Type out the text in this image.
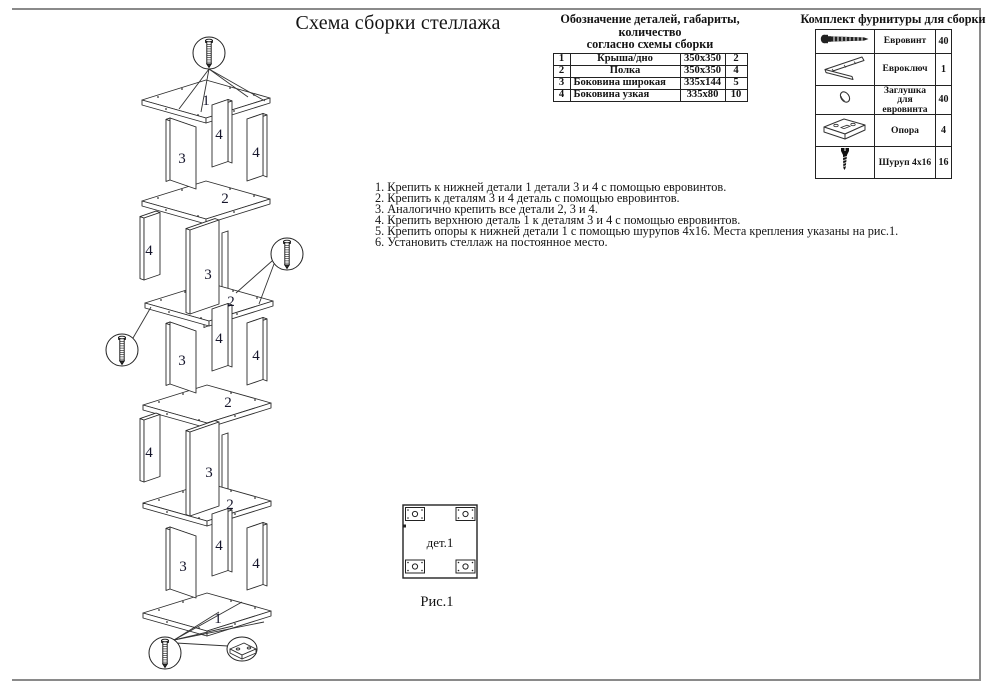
Схема сборки стеллажа	Обозначение деталей, габариты, количество
согласно схемы сборки
1	Крыша/дно	350x350	2
2	Полка	350x350	4
3	Боковина широкая	335x144	5
4	Боковина узкая	335x80	10
Комплект фурнитуры для сборки
	Евровинт	40
	Евроключ	1
	Заглушка для евровинта	40
	Опора	4
	Шуруп 4x16	16
1. Крепить к нижней детали 1 детали 3 и 4 с помощью евровинтов.
2. Крепить к деталям 3 и 4 деталь с помощью евровинтов.
3. Аналогично крепить все детали 2, 3 и 4.
4. Крепить верхнюю деталь 1 к деталям 3 и 4 с помощью евровинтов.
5. Крепить опоры к нижней детали 1 с помощью шурупов 4х16. Места крепления указаны на рис.1.
6. Установить стеллаж на постоянное место.
дет.1
Рис.1
1
3
4
4
2
4
3
2
3
4
4
2
4
3
2
3
4
4
1
